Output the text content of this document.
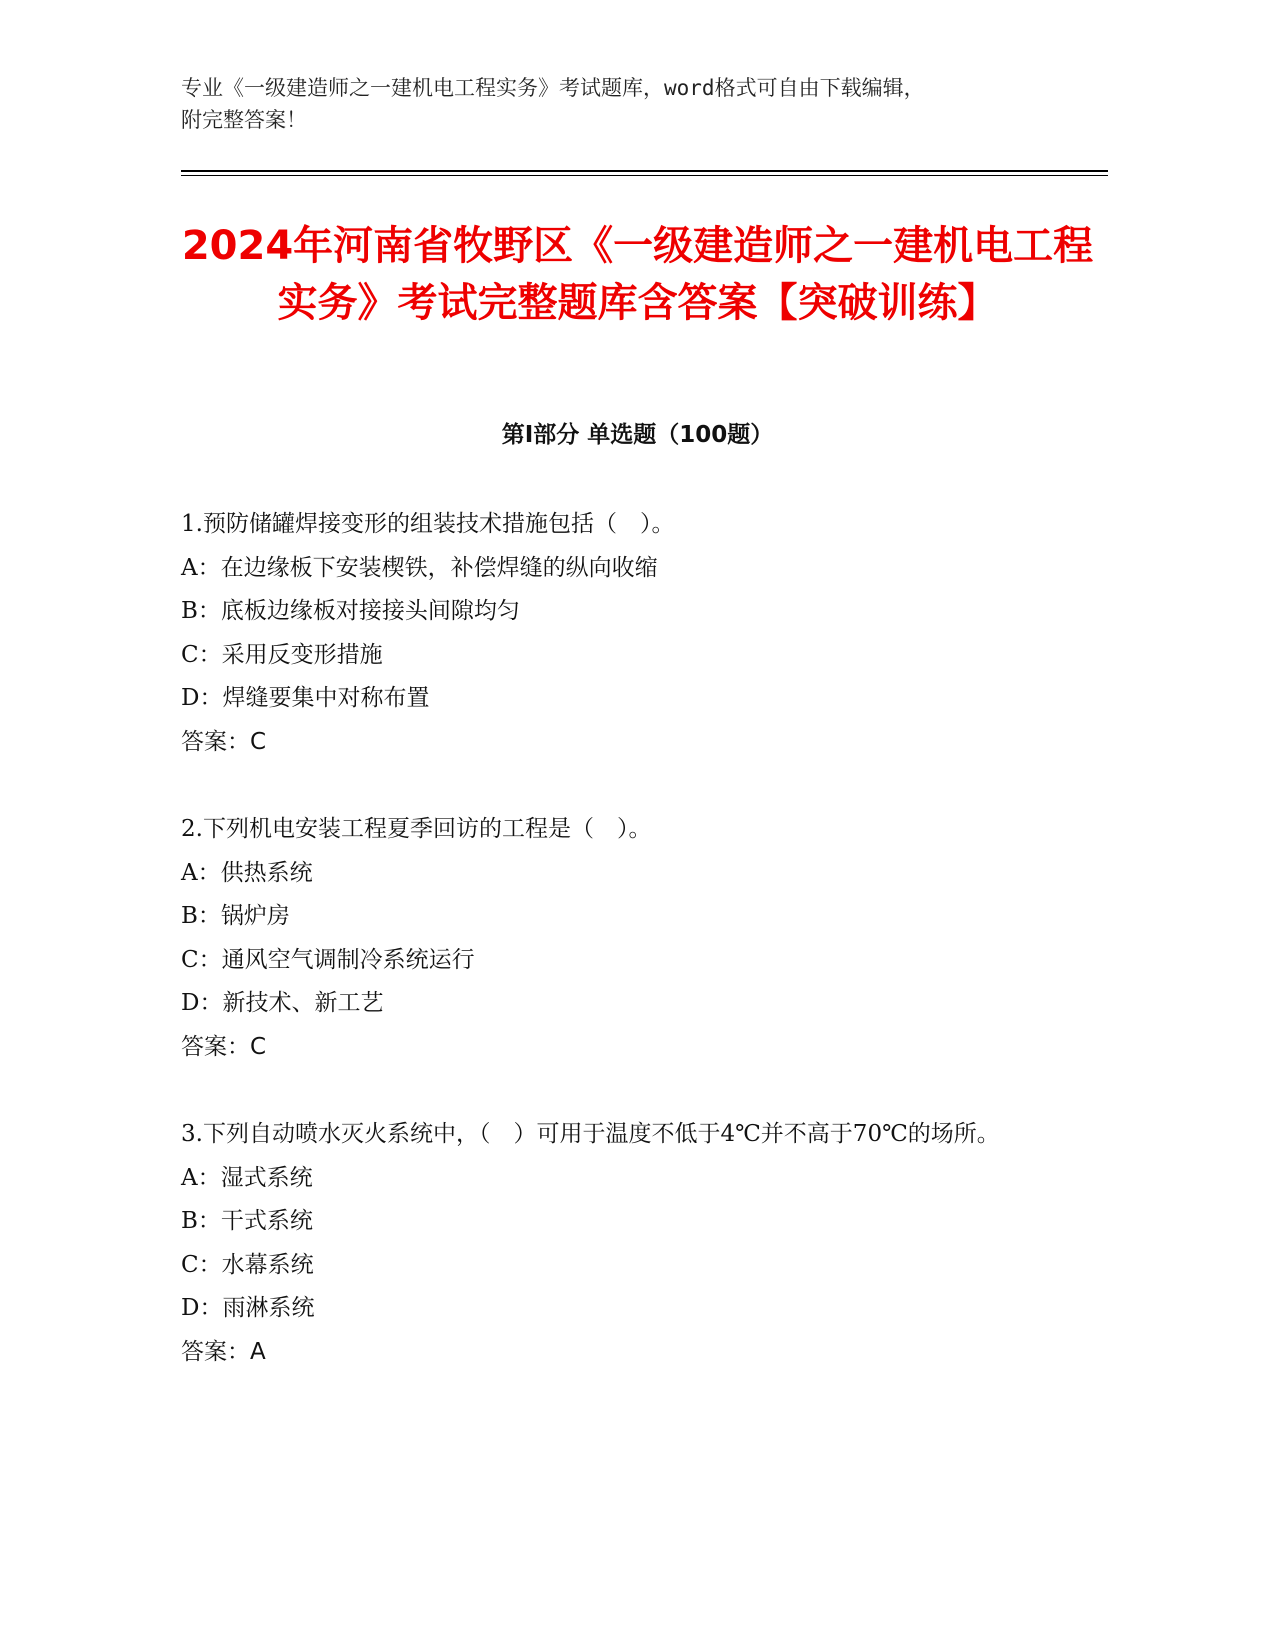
专业《一级建造师之一建机电工程实务》考试题库，word格式可自由下载编辑，
附完整答案！
2024年河南省牧野区《一级建造师之一建机电工程实务》考试完整题库含答案【突破训练】
第I部分 单选题（100题）
1.预防储罐焊接变形的组装技术措施包括（　）。
A：在边缘板下安装楔铁，补偿焊缝的纵向收缩
B：底板边缘板对接接头间隙均匀
C：采用反变形措施
D：焊缝要集中对称布置
答案：C
2.下列机电安装工程夏季回访的工程是（　）。
A：供热系统
B：锅炉房
C：通风空气调制冷系统运行
D：新技术、新工艺
答案：C
3.下列自动喷水灭火系统中，（　）可用于温度不低于4℃并不高于70℃的场所。
A：湿式系统
B：干式系统
C：水幕系统
D：雨淋系统
答案：A
